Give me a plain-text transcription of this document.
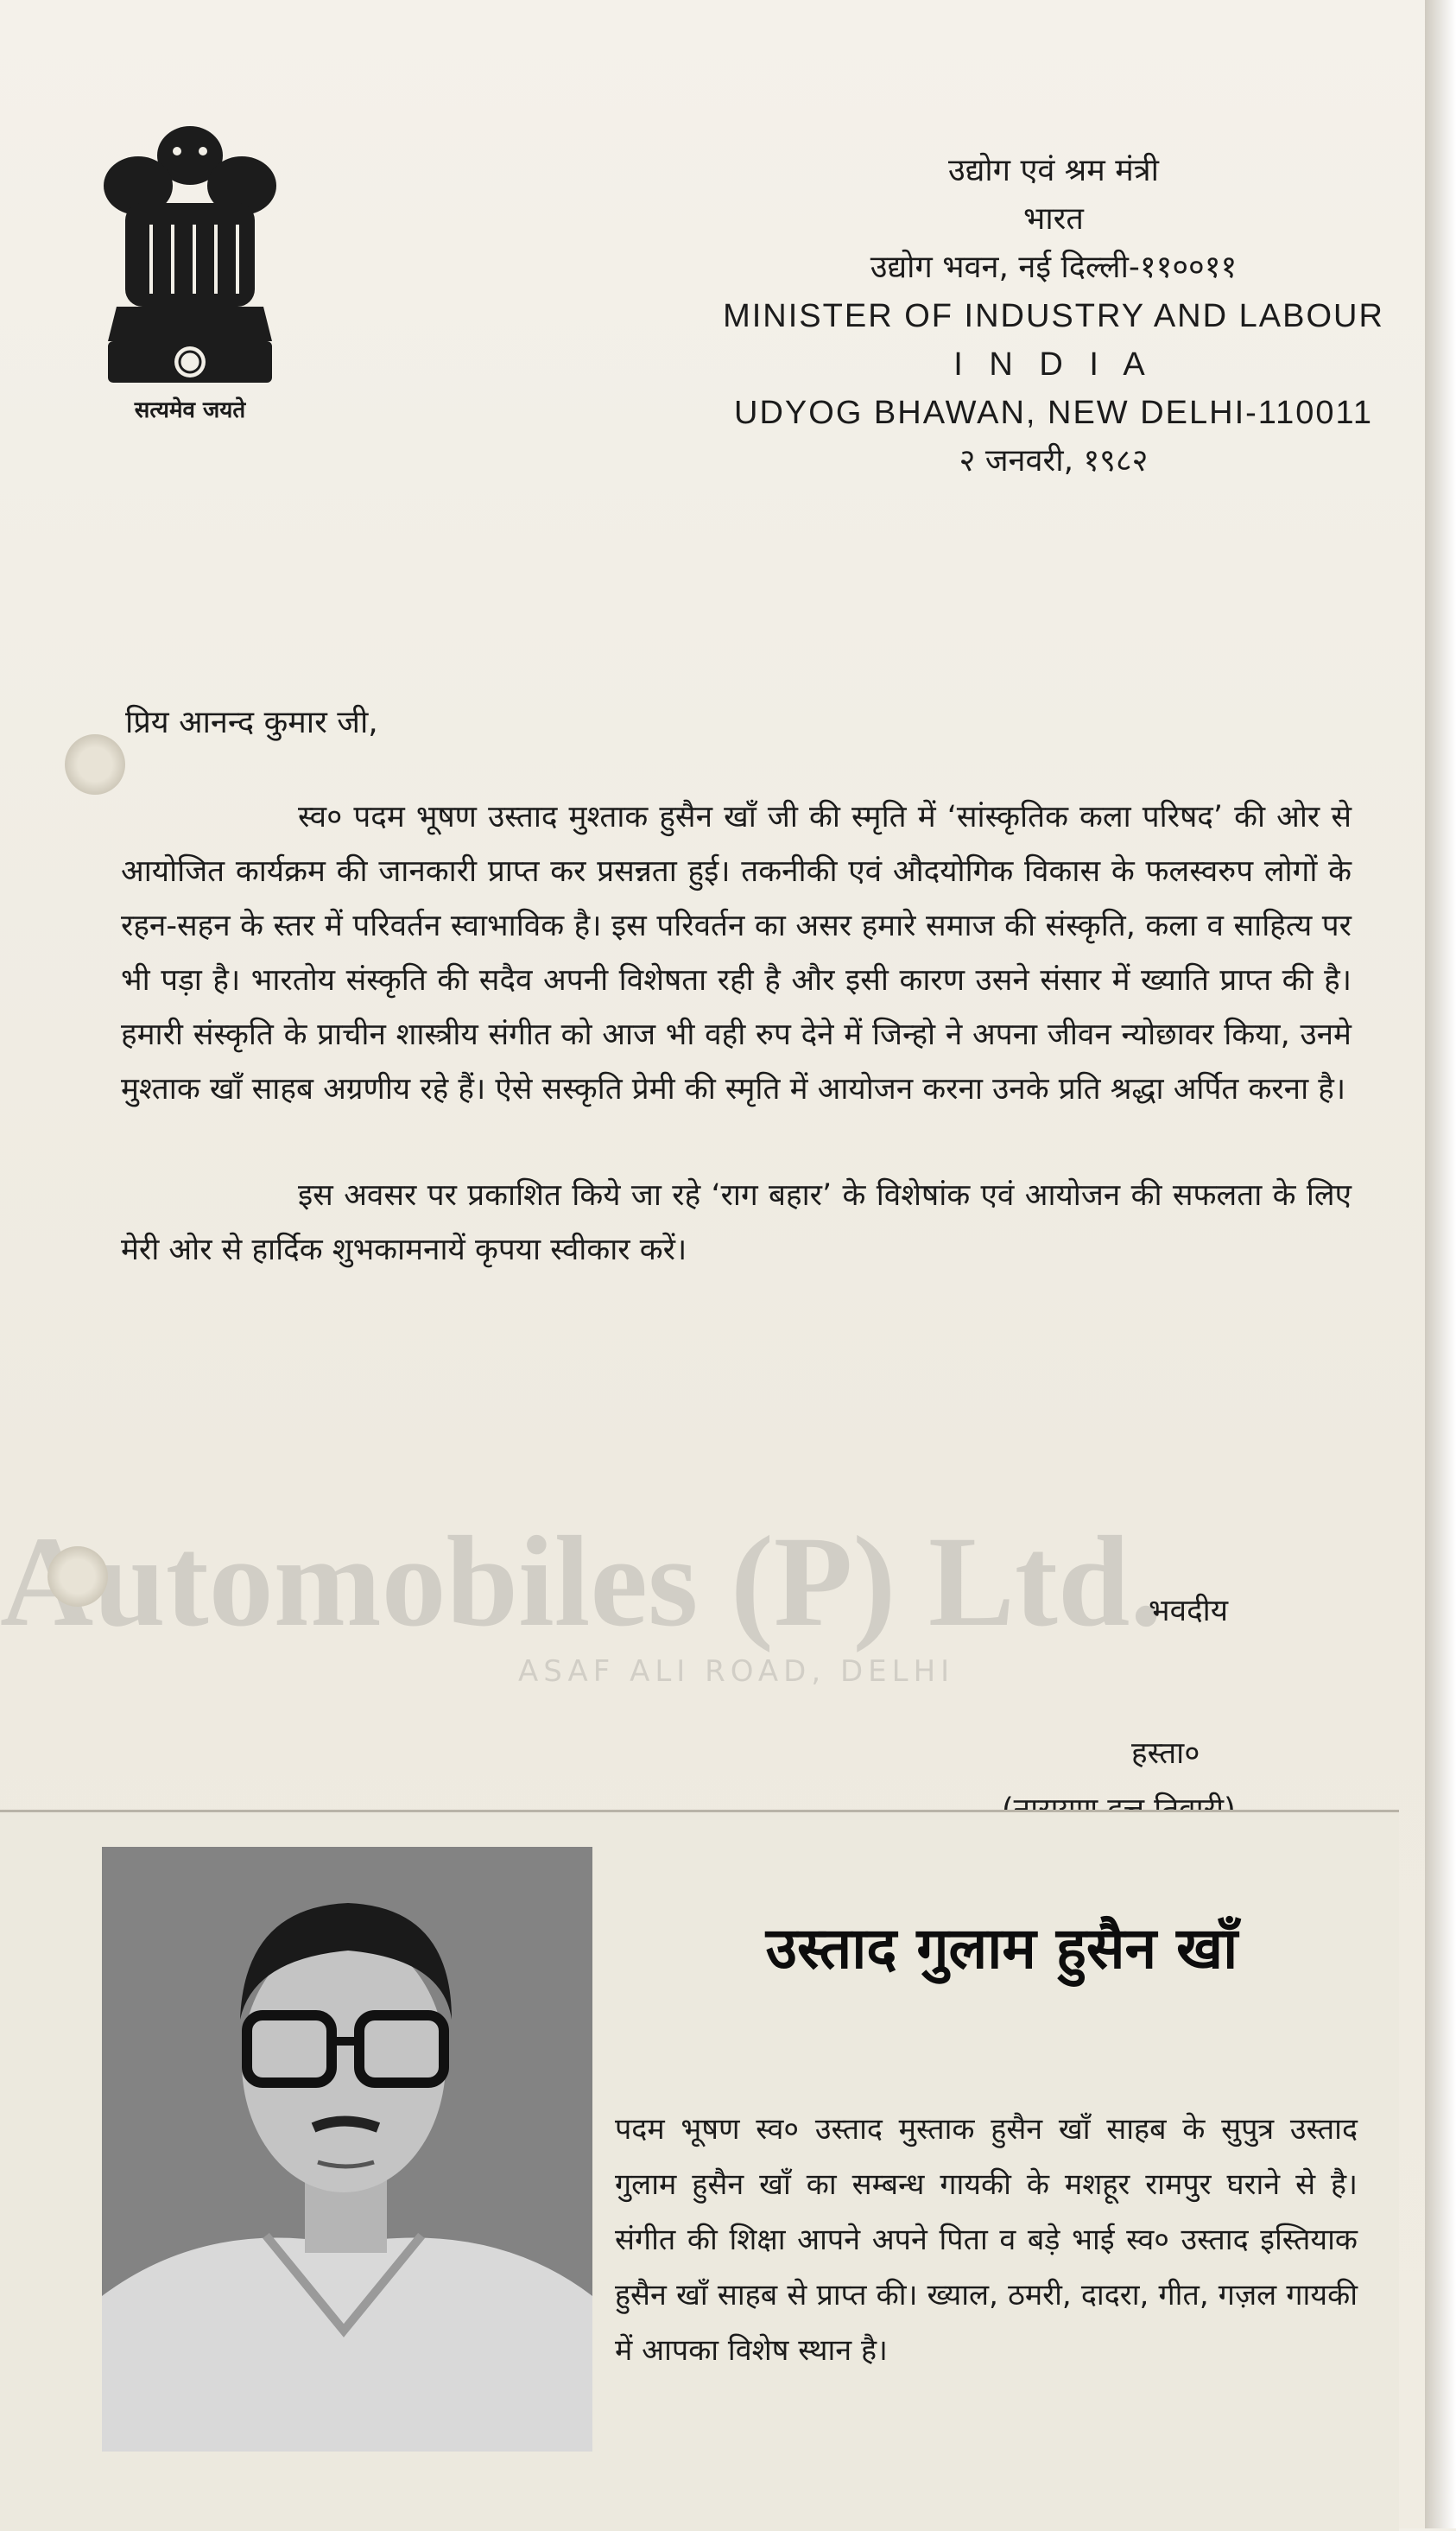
सत्यमेव जयते
उद्योग एवं श्रम मंत्री
भारत
उद्योग भवन, नई दिल्ली-११००११
MINISTER OF INDUSTRY AND LABOUR
I N D I A
UDYOG BHAWAN, NEW DELHI-110011
२ जनवरी, १९८२
प्रिय आनन्द कुमार जी,

स्व० पदम भूषण उस्ताद मुश्ताक हुसैन खाँ जी की स्मृति में ‘सांस्कृतिक कला परिषद’ की ओर से आयोजित कार्यक्रम की जानकारी प्राप्त कर प्रसन्नता हुई। तकनीकी एवं औदयोगिक विकास के फलस्वरुप लोगों के रहन-सहन के स्तर में परिवर्तन स्वाभाविक है। इस परिवर्तन का असर हमारे समाज की संस्कृति, कला व साहित्य पर भी पड़ा है। भारतोय संस्कृति की सदैव अपनी विशेषता रही है और इसी कारण उसने संसार में ख्याति प्राप्त की है। हमारी संस्कृति के प्राचीन शास्त्रीय संगीत को आज भी वही रुप देने में जिन्हो ने अपना जीवन न्योछावर किया, उनमे मुश्ताक खाँ साहब अग्रणीय रहे हैं। ऐसे सस्कृति प्रेमी की स्मृति में आयोजन करना उनके प्रति श्रद्धा अर्पित करना है।

इस अवसर पर प्रकाशित किये जा रहे ‘राग बहार’ के विशेषांक एवं आयोजन की सफलता के लिए मेरी ओर से हार्दिक शुभकामनायें कृपया स्वीकार करें।

भवदीय
हस्ता०
उस्ताद गुलाम हुसैन खाँ
पदम भूषण स्व० उस्ताद मुस्ताक हुसैन खाँ साहब के सुपुत्र उस्ताद गुलाम हुसैन खाँ का सम्बन्ध गायकी के मशहूर रामपुर घराने से है। संगीत की शिक्षा आपने अपने पिता व बड़े भाई स्व० उस्ताद इस्तियाक हुसैन खाँ साहब से प्राप्त की। ख्याल, ठमरी, दादरा, गीत, गज़ल गायकी में आपका विशेष स्थान है।
